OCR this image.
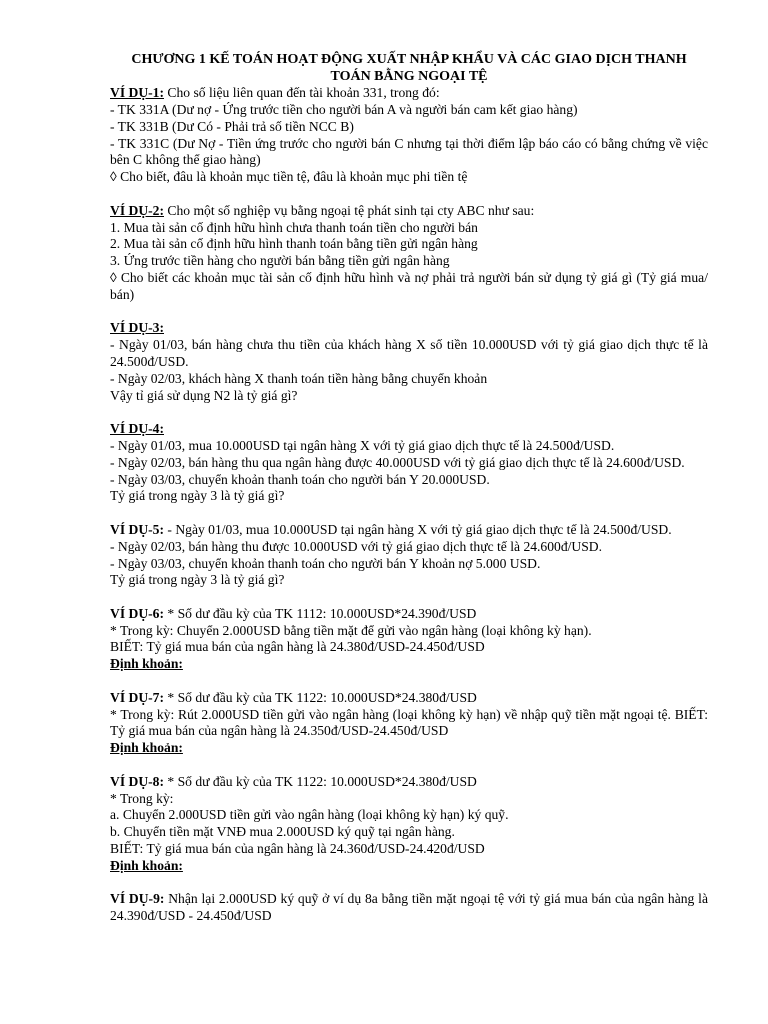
CHƯƠNG 1 KẾ TOÁN HOẠT ĐỘNG XUẤT NHẬP KHẨU VÀ CÁC GIAO DỊCH THANH TOÁN BẰNG NGOẠI TỆ

VÍ DỤ-1: Cho số liệu liên quan đến tài khoản 331, trong đó:

- TK 331A (Dư nợ - Ứng trước tiền cho người bán A và người bán cam kết giao hàng)

- TK 331B (Dư Có - Phải trả số tiền NCC B)

- TK 331C (Dư Nợ - Tiền ứng trước cho người bán C nhưng tại thời điểm lập báo cáo có bằng chứng về việc bên C không thể giao hàng)

◊ Cho biết, đâu là khoản mục tiền tệ, đâu là khoản mục phi tiền tệ

VÍ DỤ-2: Cho một số nghiệp vụ bằng ngoại tệ phát sinh tại cty ABC như sau:

1. Mua tài sản cố định hữu hình chưa thanh toán tiền cho người bán

2. Mua tài sản cố định hữu hình thanh toán bằng tiền gửi ngân hàng

3. Ứng trước tiền hàng cho người bán bằng tiền gửi ngân hàng

◊ Cho biết các khoản mục tài sản cố định hữu hình và nợ phải trả người bán sử dụng tỷ giá gì (Tỷ giá mua/ bán)

VÍ DỤ-3:

- Ngày 01/03, bán hàng chưa thu tiền của khách hàng X số tiền 10.000USD với tỷ giá giao dịch thực tế là 24.500đ/USD.

- Ngày 02/03, khách hàng X thanh toán tiền hàng bằng chuyển khoản

Vậy tỉ giá sử dụng N2 là tỷ giá gì?

VÍ DỤ-4:

- Ngày 01/03, mua 10.000USD tại ngân hàng X với tỷ giá giao dịch thực tế là 24.500đ/USD.

- Ngày 02/03, bán hàng thu qua ngân hàng được 40.000USD với tỷ giá giao dịch thực tế là 24.600đ/USD.

- Ngày 03/03, chuyển khoản thanh toán cho người bán Y 20.000USD.

Tỷ giá trong ngày 3 là tỷ giá gì?

VÍ DỤ-5: - Ngày 01/03, mua 10.000USD tại ngân hàng X với tỷ giá giao dịch thực tế là 24.500đ/USD.

- Ngày 02/03, bán hàng thu được 10.000USD với tỷ giá giao dịch thực tế là 24.600đ/USD.

- Ngày 03/03, chuyển khoản thanh toán cho người bán Y khoản nợ 5.000 USD.

Tỷ giá trong ngày 3 là tỷ giá gì?

VÍ DỤ-6: * Số dư đầu kỳ của TK 1112: 10.000USD*24.390đ/USD

* Trong kỳ: Chuyển 2.000USD bằng tiền mặt để gửi vào ngân hàng (loại không kỳ hạn).

BIẾT: Tỷ giá mua bán của ngân hàng là 24.380đ/USD-24.450đ/USD

Định khoản:

VÍ DỤ-7: * Số dư đầu kỳ của TK 1122: 10.000USD*24.380đ/USD

* Trong kỳ: Rút 2.000USD tiền gửi vào ngân hàng (loại không kỳ hạn) về nhập quỹ tiền mặt ngoại tệ. BIẾT: Tỷ giá mua bán của ngân hàng là 24.350đ/USD-24.450đ/USD

Định khoản:

VÍ DỤ-8: * Số dư đầu kỳ của TK 1122: 10.000USD*24.380đ/USD

* Trong kỳ:

a. Chuyển 2.000USD tiền gửi vào ngân hàng (loại không kỳ hạn) ký quỹ.

b. Chuyển tiền mặt VNĐ mua 2.000USD ký quỹ tại ngân hàng.

BIẾT: Tỷ giá mua bán của ngân hàng là 24.360đ/USD-24.420đ/USD

Định khoản:

VÍ DỤ-9: Nhận lại 2.000USD ký quỹ ở ví dụ 8a bằng tiền mặt ngoại tệ với tỷ giá mua bán của ngân hàng là 24.390đ/USD - 24.450đ/USD
